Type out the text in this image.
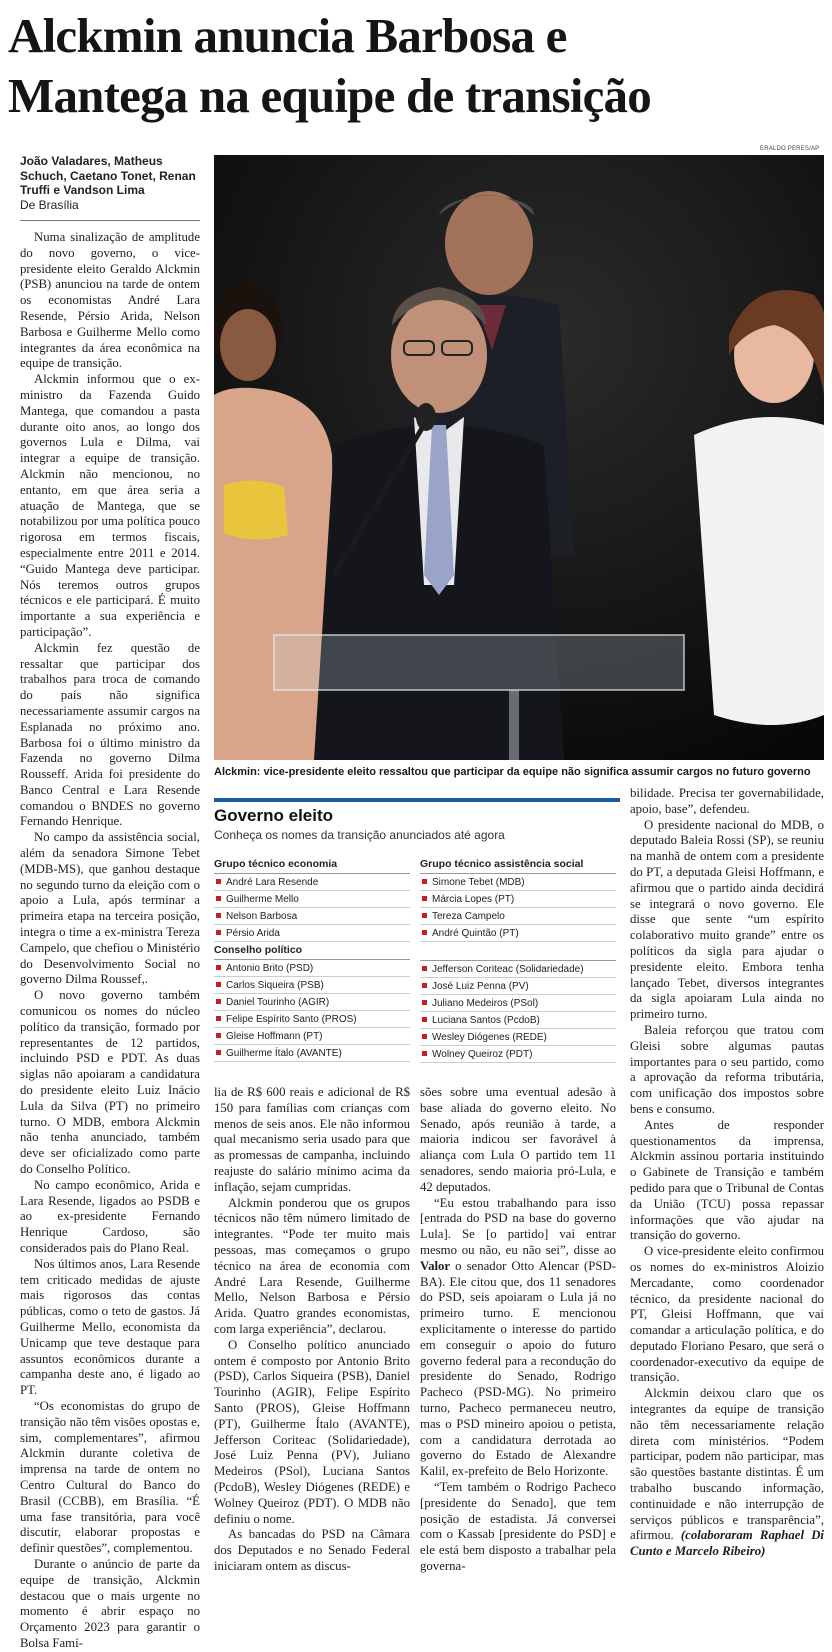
Alckmin anuncia Barbosa e
Mantega na equipe de transição
João Valadares, Matheus
Schuch, Caetano Tonet, Renan
Truffi e Vandson Lima
De Brasília
ERALDO PERES/AP
Alckmin: vice-presidente eleito ressaltou que participar da equipe não significa assumir cargos no futuro governo

Numa sinalização de amplitude do novo governo, o vice-presidente eleito Geraldo Alckmin (PSB) anunciou na tarde de ontem os economistas André Lara Resende, Pérsio Arida, Nelson Barbosa e Guilherme Mello como integrantes da área econômica na equipe de transição.

Alckmin informou que o ex-ministro da Fazenda Guido Mantega, que comandou a pasta durante oito anos, ao longo dos governos Lula e Dilma, vai integrar a equipe de transição. Alckmin não mencionou, no entanto, em que área seria a atuação de Mantega, que se notabilizou por uma política pouco rigorosa em termos fiscais, especialmente entre 2011 e 2014. “Guido Mantega deve participar. Nós teremos outros grupos técnicos e ele participará. É muito importante a sua experiência e participação”.

Alckmin fez questão de ressaltar que participar dos trabalhos para troca de comando do país não significa necessariamente assumir cargos na Esplanada no próximo ano. Barbosa foi o último ministro da Fazenda no governo Dilma Rousseff. Arida foi presidente do Banco Central e Lara Resende comandou o BNDES no governo Fernando Henrique.

No campo da assistência social, além da senadora Simone Tebet (MDB-MS), que ganhou destaque no segundo turno da eleição com o apoio a Lula, após terminar a primeira etapa na terceira posição, integra o time a ex-ministra Tereza Campelo, que chefiou o Ministério do Desenvolvimento Social no governo Dilma Roussef,.

O novo governo também comunicou os nomes do núcleo político da transição, formado por representantes de 12 partidos, incluindo PSD e PDT. As duas siglas não apoiaram a candidatura do presidente eleito Luiz Inácio Lula da Silva (PT) no primeiro turno. O MDB, embora Alckmin não tenha anunciado, também deve ser oficializado como parte do Conselho Político.

No campo econômico, Arida e Lara Resende, ligados ao PSDB e ao ex-presidente Fernando Henrique Cardoso, são considerados pais do Plano Real.

Nos últimos anos, Lara Resende tem criticado medidas de ajuste mais rigorosos das contas públicas, como o teto de gastos. Já Guilherme Mello, economista da Unicamp que teve destaque para assuntos econômicos durante a campanha deste ano, é ligado ao PT.

“Os economistas do grupo de transição não têm visões opostas e, sim, complementares”, afirmou Alckmin durante coletiva de imprensa na tarde de ontem no Centro Cultural do Banco do Brasil (CCBB), em Brasília. “É uma fase transitória, para você discutir, elaborar propostas e definir questões”, complementou.

Durante o anúncio de parte da equipe de transição, Alckmin destacou que o mais urgente no momento é abrir espaço no Orçamento 2023 para garantir o Bolsa Famí-

Governo eleito
Conheça os nomes da transição anunciados até agora
Grupo técnico economia
André Lara Resende
Guilherme Mello
Nelson Barbosa
Pérsio Arida
Grupo técnico assistência social
Simone Tebet (MDB)
Márcia Lopes (PT)
Tereza Campelo
André Quintão (PT)
Conselho político
Antonio Brito (PSD)
Carlos Siqueira (PSB)
Daniel Tourinho (AGIR)
Felipe Espírito Santo (PROS)
Gleise Hoffmann (PT)
Guilherme Ítalo (AVANTE)
Jefferson Coriteac (Solidariedade)
José Luiz Penna (PV)
Juliano Medeiros (PSol)
Luciana Santos (PcdoB)
Wesley Diógenes (REDE)
Wolney Queiroz (PDT)

lia de R$ 600 reais e adicional de R$ 150 para famílias com crianças com menos de seis anos. Ele não informou qual mecanismo seria usado para que as promessas de campanha, incluindo reajuste do salário mínimo acima da inflação, sejam cumpridas.

Alckmin ponderou que os grupos técnicos não têm número limitado de integrantes. “Pode ter muito mais pessoas, mas começamos o grupo técnico na área de economia com André Lara Resende, Guilherme Mello, Nelson Barbosa e Pérsio Arida. Quatro grandes economistas, com larga experiência”, declarou.

O Conselho político anunciado ontem é composto por Antonio Brito (PSD), Carlos Siqueira (PSB), Daniel Tourinho (AGIR), Felipe Espírito Santo (PROS), Gleise Hoffmann (PT), Guilherme Ítalo (AVANTE), Jefferson Coriteac (Solidariedade), José Luiz Penna (PV), Juliano Medeiros (PSol), Luciana Santos (PcdoB), Wesley Diógenes (REDE) e Wolney Queiroz (PDT). O MDB não definiu o nome.

As bancadas do PSD na Câmara dos Deputados e no Senado Federal iniciaram ontem as discus-

sões sobre uma eventual adesão à base aliada do governo eleito. No Senado, após reunião à tarde, a maioria indicou ser favorável à aliança com Lula O partido tem 11 senadores, sendo maioria pró-Lula, e 42 deputados.

“Eu estou trabalhando para isso [entrada do PSD na base do governo Lula]. Se [o partido] vai entrar mesmo ou não, eu não sei”, disse ao Valor o senador Otto Alencar (PSD-BA). Ele citou que, dos 11 senadores do PSD, seis apoiaram o Lula já no primeiro turno. E mencionou explicitamente o interesse do partido em conseguir o apoio do futuro governo federal para a recondução do presidente do Senado, Rodrigo Pacheco (PSD-MG). No primeiro turno, Pacheco permaneceu neutro, mas o PSD mineiro apoiou o petista, com a candidatura derrotada ao governo do Estado de Alexandre Kalil, ex-prefeito de Belo Horizonte.

“Tem também o Rodrigo Pacheco [presidente do Senado], que tem posição de estadista. Já conversei com o Kassab [presidente do PSD] e ele está bem disposto a trabalhar pela governa-

bilidade. Precisa ter governabilidade, apoio, base”, defendeu.

O presidente nacional do MDB, o deputado Baleia Rossi (SP), se reuniu na manhã de ontem com a presidente do PT, a deputada Gleisi Hoffmann, e afirmou que o partido ainda decidirá se integrará o novo governo. Ele disse que sente “um espírito colaborativo muito grande” entre os políticos da sigla para ajudar o presidente eleito. Embora tenha lançado Tebet, diversos integrantes da sigla apoiaram Lula ainda no primeiro turno.

Baleia reforçou que tratou com Gleisi sobre algumas pautas importantes para o seu partido, como a aprovação da reforma tributária, com unificação dos impostos sobre bens e consumo.

Antes de responder questionamentos da imprensa, Alckmin assinou portaria instituindo o Gabinete de Transição e também pedido para que o Tribunal de Contas da União (TCU) possa repassar informações que vão ajudar na transição do governo.

O vice-presidente eleito confirmou os nomes do ex-ministros Aloizio Mercadante, como coordenador técnico, da presidente nacional do PT, Gleisi Hoffmann, que vai comandar a articulação política, e do deputado Floriano Pesaro, que será o coordenador-executivo da equipe de transição.

Alckmin deixou claro que os integrantes da equipe de transição não têm necessariamente relação direta com ministérios. “Podem participar, podem não participar, mas são questões bastante distintas. É um trabalho buscando informação, continuidade e não interrupção de serviços públicos e transparência”, afirmou. (colaboraram Raphael Di Cunto e Marcelo Ribeiro)
